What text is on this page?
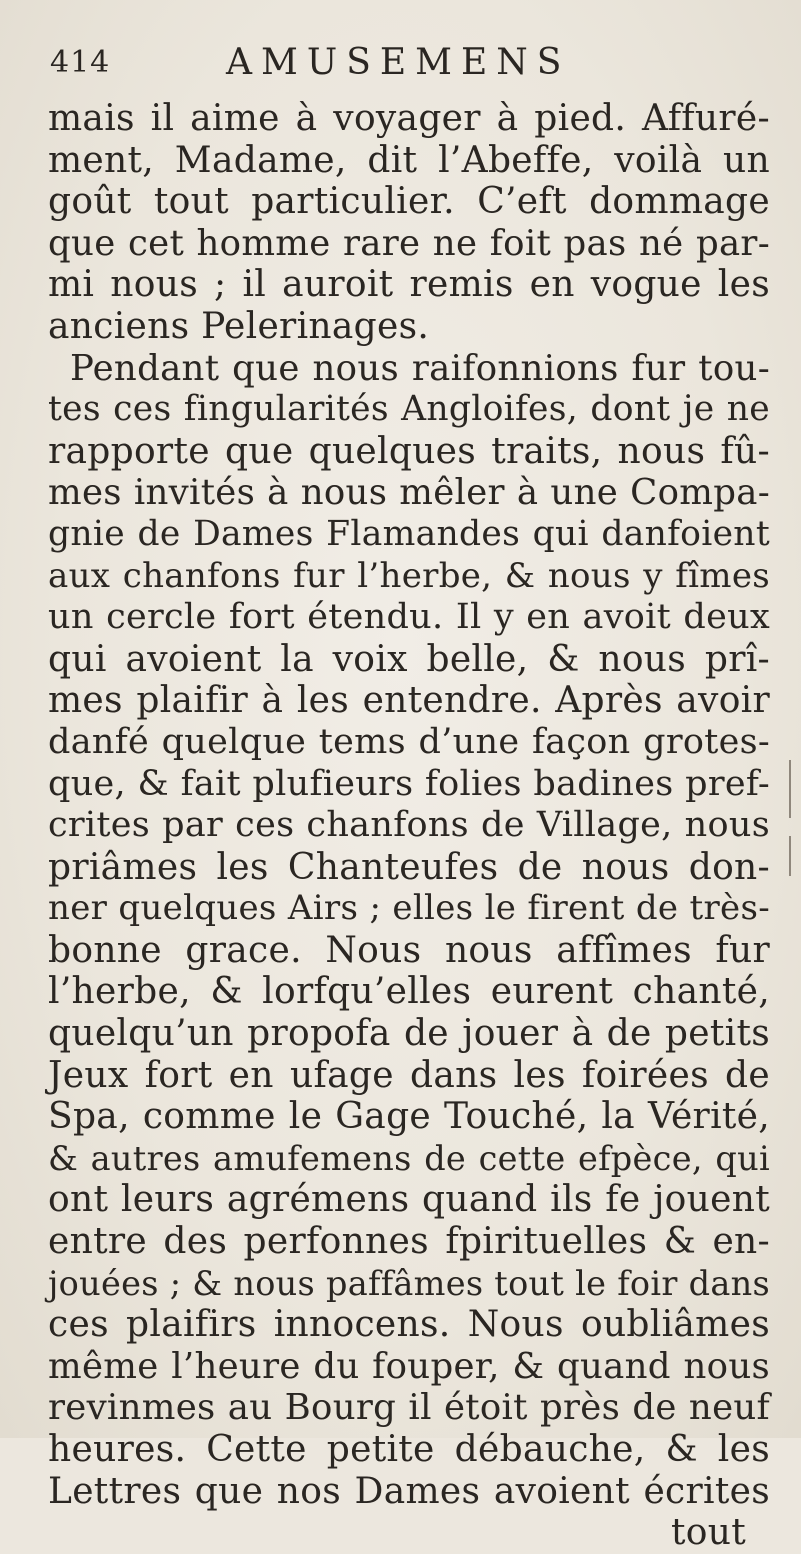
414	AMUSEMENS
mais il aime à voyager à pied. Affuré-
ment, Madame, dit l’Abeffe, voilà un
goût tout particulier. C’eft dommage
que cet homme rare ne foit pas né par-
mi nous ; il auroit remis en vogue les
anciens Pelerinages.
Pendant que nous raifonnions fur tou-
tes ces fingularités Angloifes, dont je ne
rapporte que quelques traits, nous fû-
mes invités à nous mêler à une Compa-
gnie de Dames Flamandes qui danfoient
aux chanfons fur l’herbe, & nous y fîmes
un cercle fort étendu. Il y en avoit deux
qui avoient la voix belle, & nous prî-
mes plaifir à les entendre. Après avoir
danfé quelque tems d’une façon grotes-
que, & fait plufieurs folies badines pref-
crites par ces chanfons de Village, nous
priâmes les Chanteufes de nous don-
ner quelques Airs ; elles le firent de très-
bonne grace. Nous nous affîmes fur
l’herbe, & lorfqu’elles eurent chanté,
quelqu’un propofa de jouer à de petits
Jeux fort en ufage dans les foirées de
Spa, comme le Gage Touché, la Vérité,
& autres amufemens de cette efpèce, qui
ont leurs agrémens quand ils fe jouent
entre des perfonnes fpirituelles & en-
jouées ; & nous paffâmes tout le foir dans
ces plaifirs innocens. Nous oubliâmes
même l’heure du fouper, & quand nous
revinmes au Bourg il étoit près de neuf
heures. Cette petite débauche, & les
Lettres que nos Dames avoient écrites
tout
